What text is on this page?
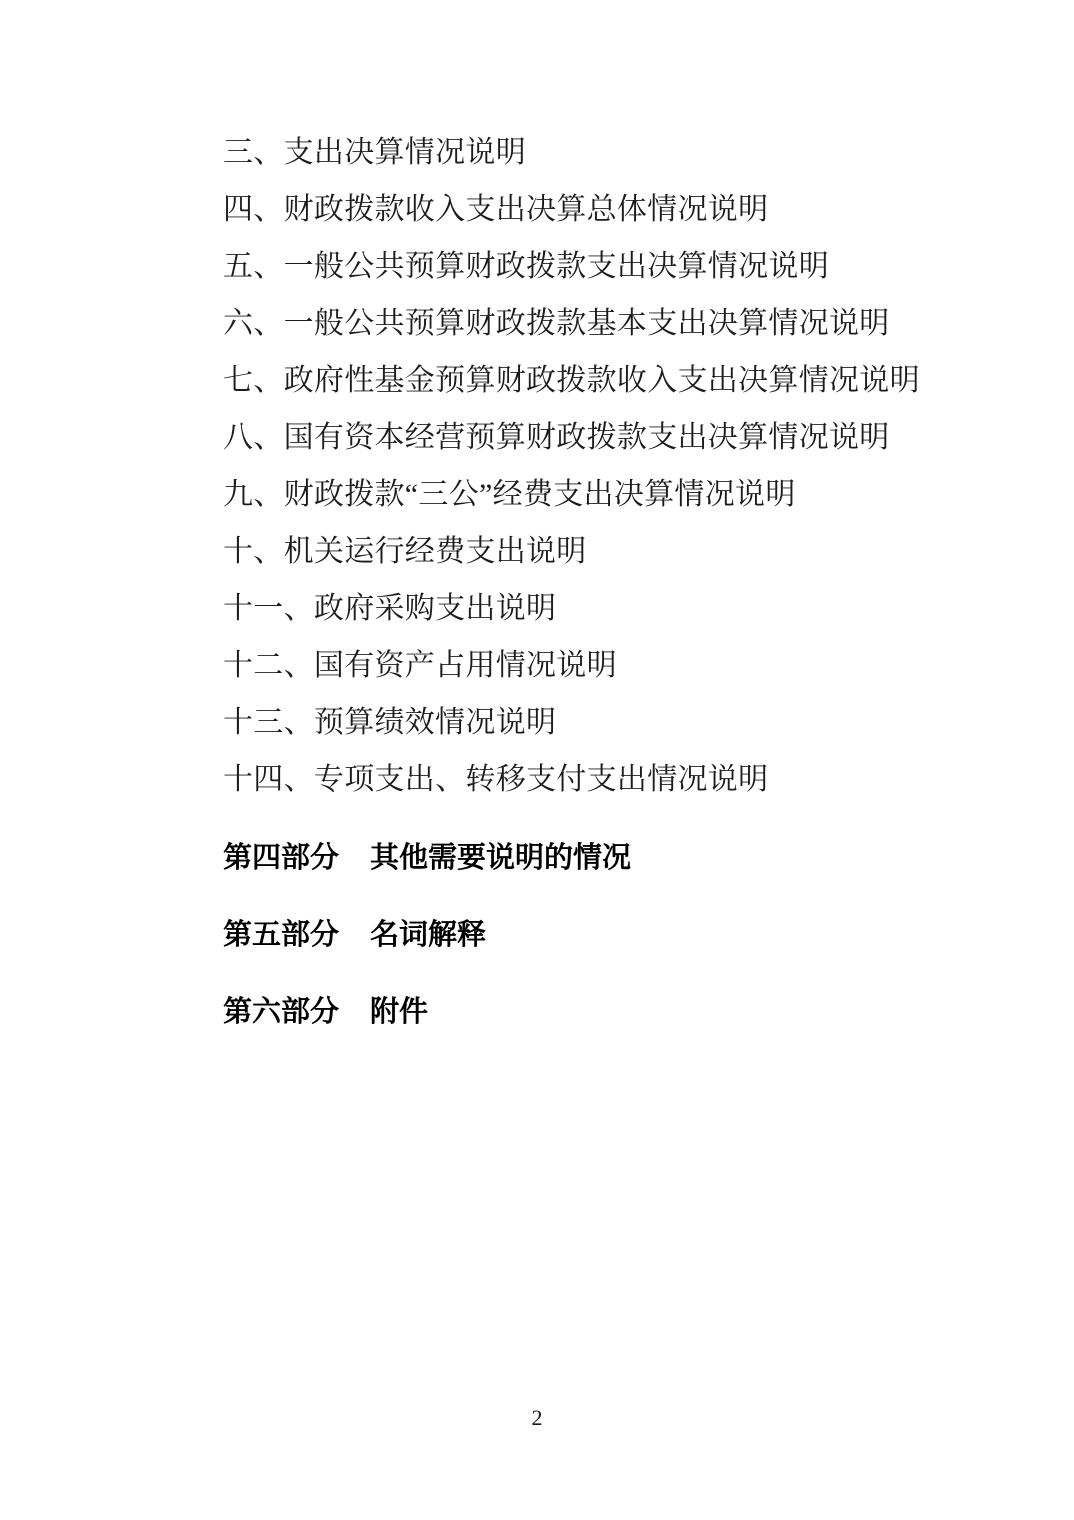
三、支出决算情况说明
四、财政拨款收入支出决算总体情况说明
五、一般公共预算财政拨款支出决算情况说明
六、一般公共预算财政拨款基本支出决算情况说明
七、政府性基金预算财政拨款收入支出决算情况说明
八、国有资本经营预算财政拨款支出决算情况说明
九、财政拨款“三公”经费支出决算情况说明
十、机关运行经费支出说明
十一、政府采购支出说明
十二、国有资产占用情况说明
十三、预算绩效情况说明
十四、专项支出、转移支付支出情况说明
第四部分 其他需要说明的情况
第五部分 名词解释
第六部分 附件
2
